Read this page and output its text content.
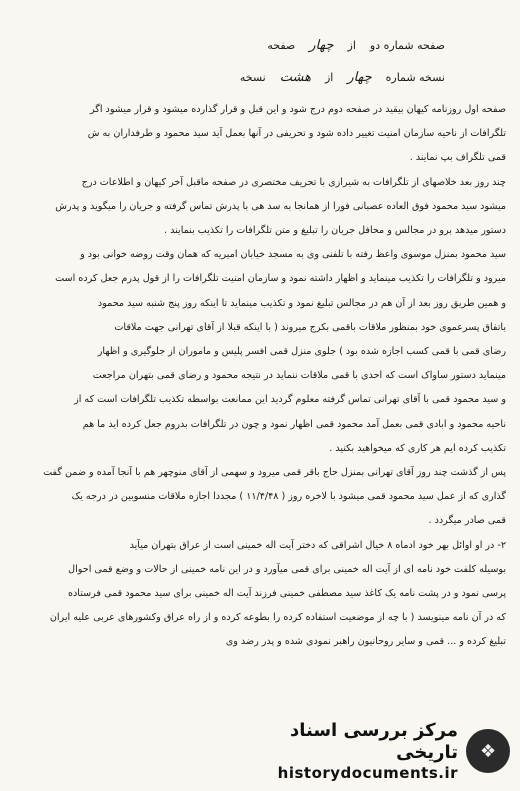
صفحه شماره دو
از
چهار
صفحه
نسخه شماره
چهار
از
هشت
نسخه
صفحه اول روزنامه کیهان بیقید در صفحه دوم درج شود و این قبل و قرار گذارده میشود و قرار میشود اگر
تلگرافات از ناحیه سازمان امنیت تغییر داده شود و تحریفی در آنها بعمل آید سید محمود و طرفداران به ش
قمی تلگراف بپ نمایند .
چند روز بعد خلاصهای از تلگرافات به شیرازی با تحریف مختصری در صفحه ماقبل آخر کیهان و اطلاعات درج
میشود سید محمود فوق العاده عصبانی فورا از همانجا به سد هی با پدرش تماس گرفته و جریان را میگوید و پدرش
دستور میدهد برو در مجالس و محافل جریان را تبلیغ و متن تلگرافات را تکذیب بنمایند .
سید محمود بمنزل موسوی واعظ رفته با تلفنی وی به مسجد خیابان امیریه که همان وقت روضه خوانی بود و
میرود و تلگرافات را تکذیب مینماید و اظهار داشته نمود و سازمان امنیت تلگرافات را از قول پدرم جعل کرده است
و همین طریق روز بعد از آن هم در مجالس تبلیغ نمود و تکذیب مینماید تا اینکه روز پنج شنبه سید محمود
باتفاق پسرعموی خود بمنظور ملاقات باقمی بکرج میروند ( با اینکه قبلا از آقای تهرانی جهت ملاقات
رضای قمی با قمی کسب اجازه شده بود ) جلوی منزل قمی افسر پلیس و ماموران از جلوگیری و اظهار
مینماید دستور ساواک است که احدی با قمی ملاقات ننماید در نتیجه محمود و رضای قمی بتهران مراجعت
و سید محمود قمی با آقای تهرانی تماس گرفته معلوم گردید این ممانعت بواسطه تکذیب تلگرافات است که از
ناحیه محمود و ابادی قمی بعمل آمد محمود قمی اظهار نمود و چون در تلگرافات بدروم جعل کرده اید ما هم
تکذیب کرده ایم هر کاری که میخواهید بکنید .
پس از گذشت چند روز آقای تهرانی بمنزل حاج باقر قمی میرود و سهمی از آقای منوچهر هم با آنجا آمده و ضمن گفت
گذاری که از عمل سید محمود قمی میشود با لاخره روز ( ۱۱/۴/۴۸ ) مجددا اجازه ملاقات منسوبین در درجه یک
قمی صادر میگردد .
۲- در او اوائل بهر خود ادماه ۸ خیال اشراقی که دختر آیت اله خمینی است از عراق بتهران میآید
بوسیله کلفت خود نامه ای از آیت اله خمینی برای قمی میآورد و در این نامه خمینی از حالات و وضع قمی احوال
پرسی نمود و در پشت نامه یک کاغذ سید مصطفی خمینی فرزند آیت اله خمینی برای سید محمود قمی فرستاده
که در آن نامه مینویسد ( با چه از موضعیت استفاده کرده را بطوعه کرده و از راه عراق وکشورهای عربی علیه ایران
تبلیغ کرده و ... قمی و سایر روحانیون راهبر نمودی شده و پدر رضد وی
❖
مرکز بررسی اسناد تاریخی
historydocuments.ir
